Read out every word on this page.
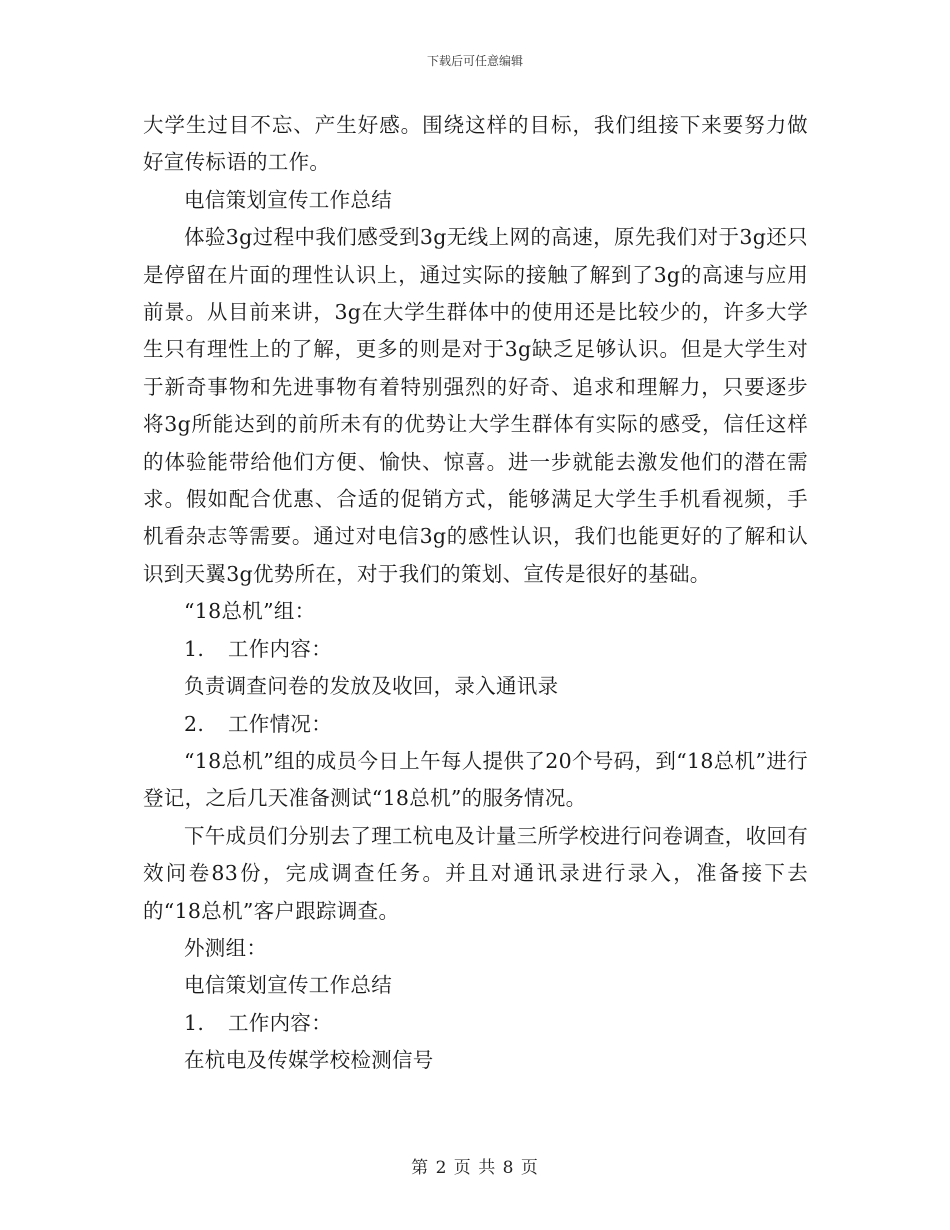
下载后可任意编辑

大学生过目不忘、产生好感。围绕这样的目标，我们组接下来要努力做好宣传标语的工作。

电信策划宣传工作总结

体验3g过程中我们感受到3g无线上网的高速，原先我们对于3g还只是停留在片面的理性认识上，通过实际的接触了解到了3g的高速与应用前景。从目前来讲，3g在大学生群体中的使用还是比较少的，许多大学生只有理性上的了解，更多的则是对于3g缺乏足够认识。但是大学生对于新奇事物和先进事物有着特别强烈的好奇、追求和理解力，只要逐步将3g所能达到的前所未有的优势让大学生群体有实际的感受，信任这样的体验能带给他们方便、愉快、惊喜。进一步就能去激发他们的潜在需求。假如配合优惠、合适的促销方式，能够满足大学生手机看视频，手机看杂志等需要。通过对电信3g的感性认识，我们也能更好的了解和认识到天翼3g优势所在，对于我们的策划、宣传是很好的基础。

“18总机”组：

1. 工作内容：

负责调查问卷的发放及收回，录入通讯录

2. 工作情况：

“18总机”组的成员今日上午每人提供了20个号码，到“18总机”进行登记，之后几天准备测试“18总机”的服务情况。

下午成员们分别去了理工杭电及计量三所学校进行问卷调查，收回有效问卷83份，完成调查任务。并且对通讯录进行录入，准备接下去的“18总机”客户跟踪调查。

外测组：

电信策划宣传工作总结

1. 工作内容：

在杭电及传媒学校检测信号

第 2 页 共 8 页
